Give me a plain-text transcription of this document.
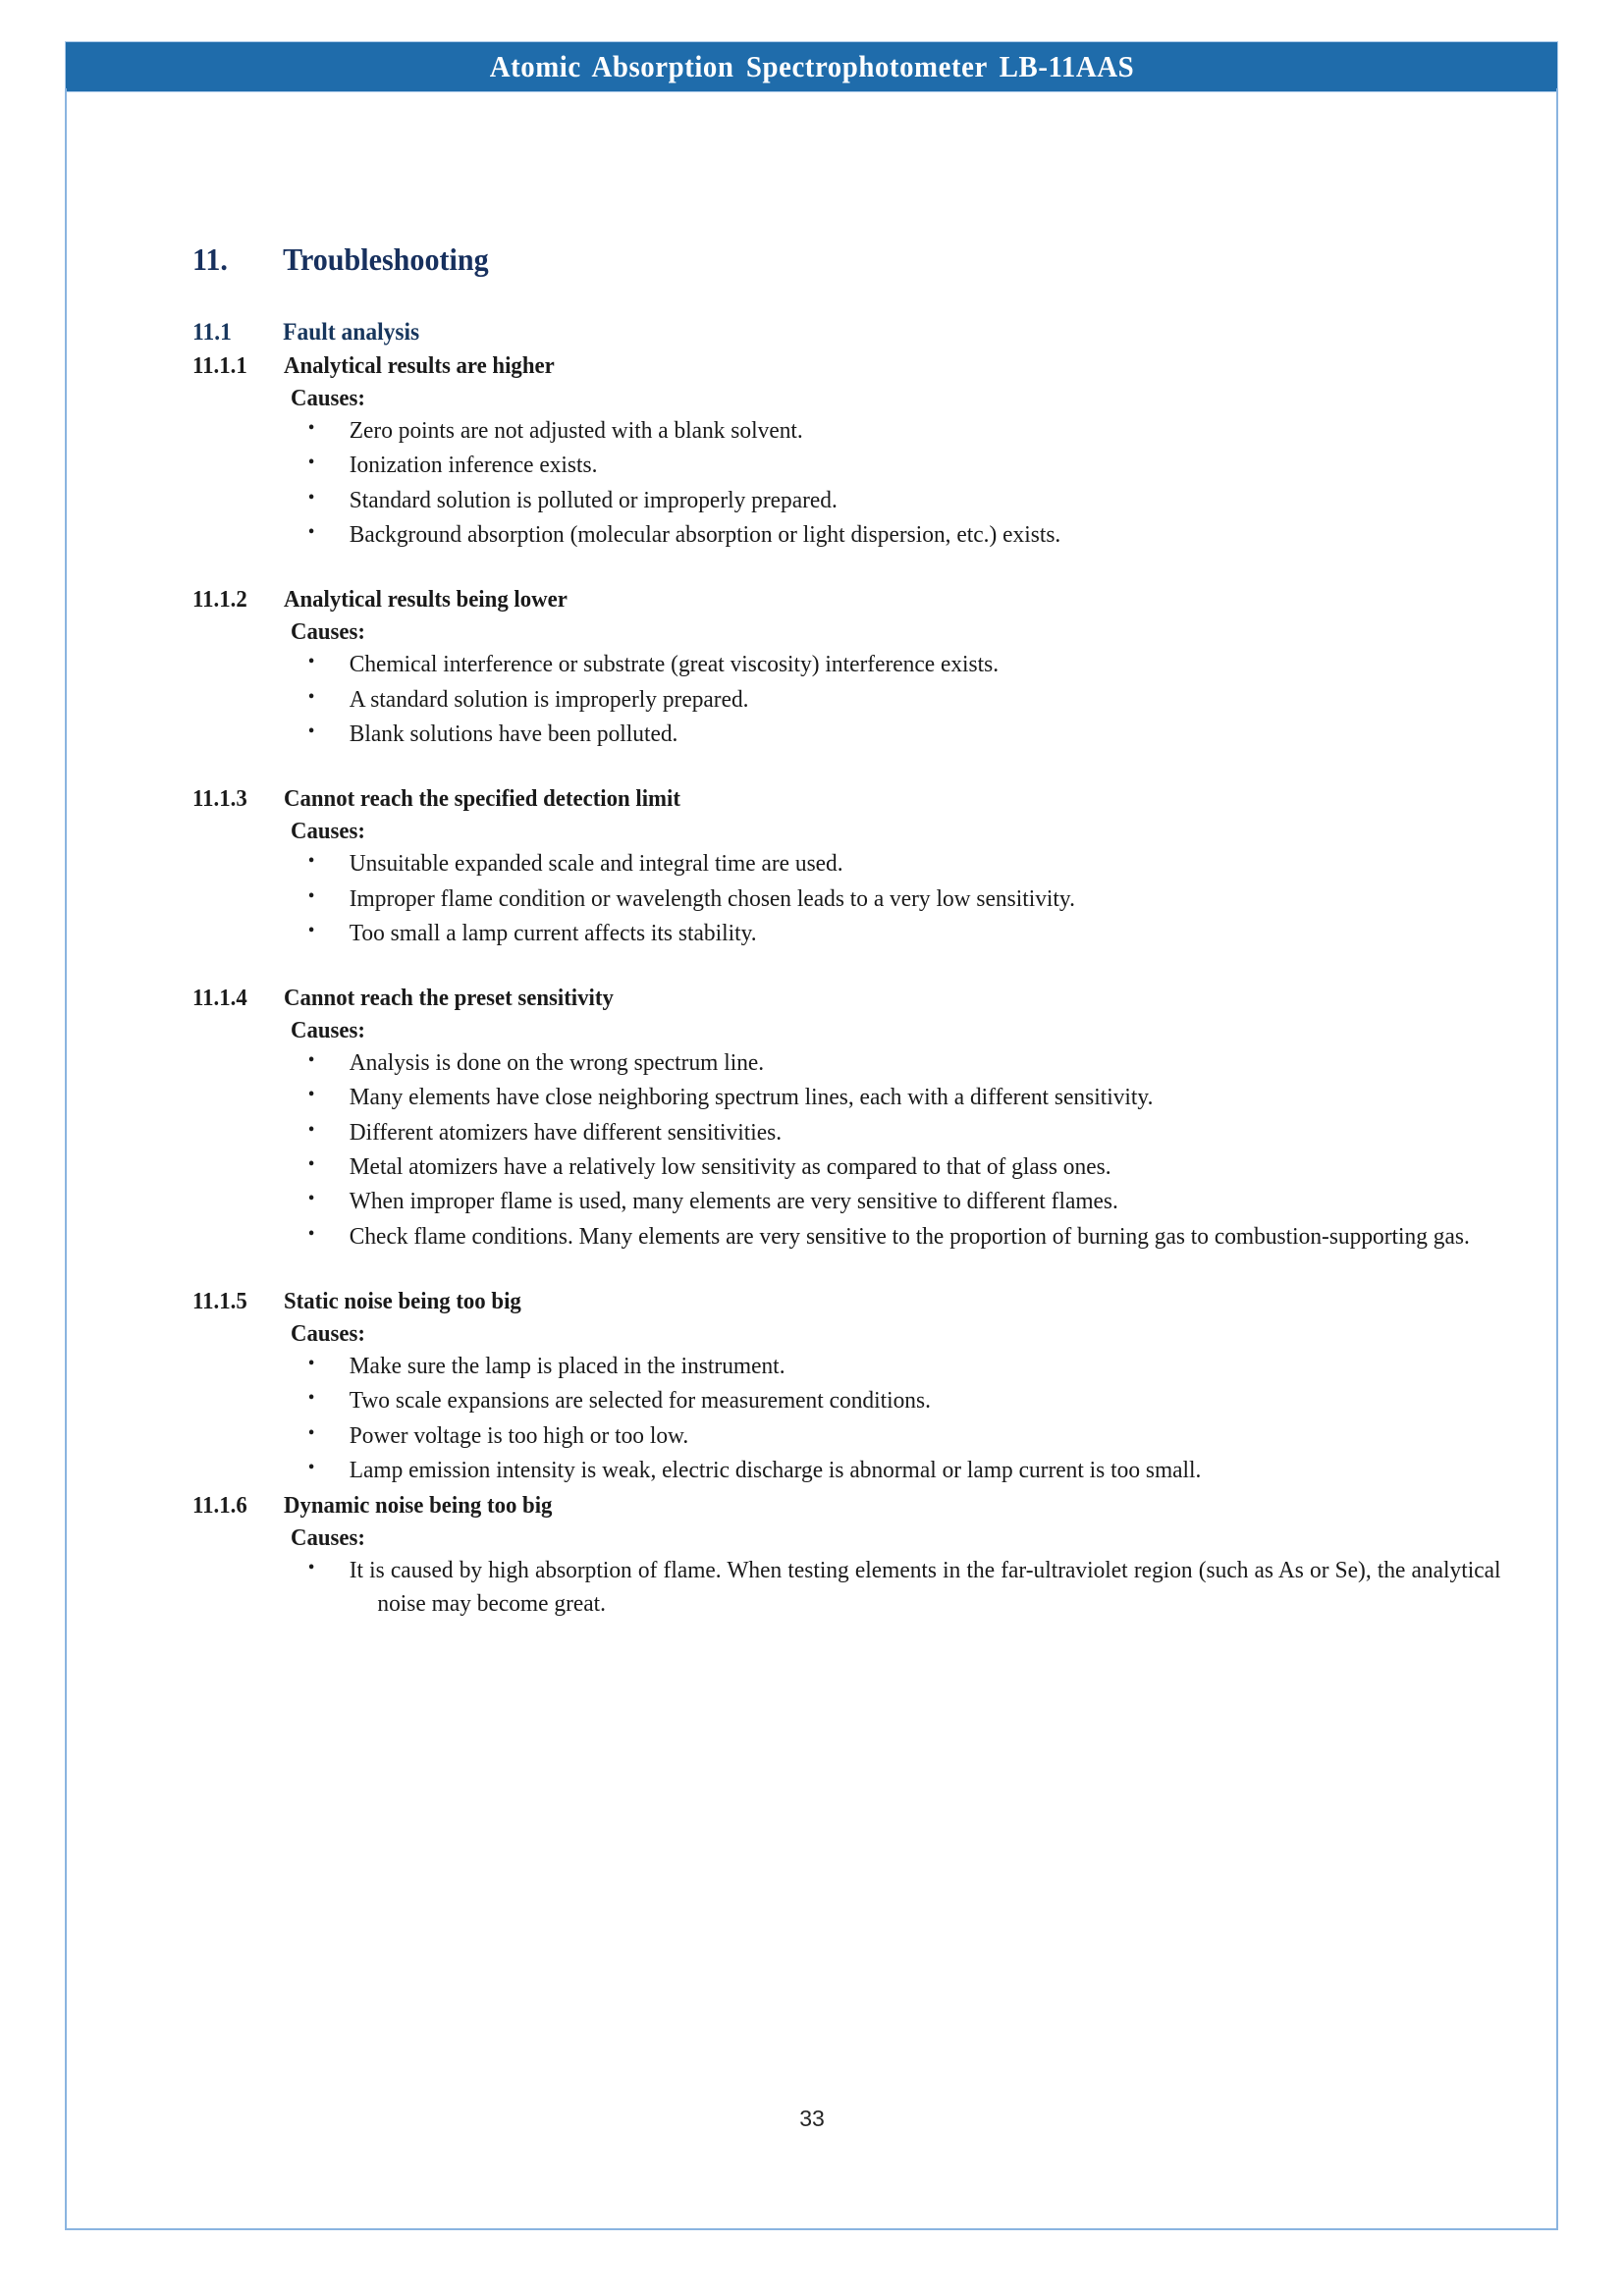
Atomic Absorption Spectrophotometer LB-11AAS
11.	Troubleshooting
11.1	Fault analysis
11.1.1	Analytical results are higher
Causes:
• Zero points are not adjusted with a blank solvent.
• Ionization inference exists.
• Standard solution is polluted or improperly prepared.
• Background absorption (molecular absorption or light dispersion, etc.) exists.
11.1.2	Analytical results being lower
Causes:
• Chemical interference or substrate (great viscosity) interference exists.
• A standard solution is improperly prepared.
• Blank solutions have been polluted.
11.1.3	Cannot reach the specified detection limit
Causes:
• Unsuitable expanded scale and integral time are used.
• Improper flame condition or wavelength chosen leads to a very low sensitivity.
• Too small a lamp current affects its stability.
11.1.4	Cannot reach the preset sensitivity
Causes:
• Analysis is done on the wrong spectrum line.
• Many elements have close neighboring spectrum lines, each with a different sensitivity.
• Different atomizers have different sensitivities.
• Metal atomizers have a relatively low sensitivity as compared to that of glass ones.
• When improper flame is used, many elements are very sensitive to different flames.
• Check flame conditions. Many elements are very sensitive to the proportion of burning gas to combustion-supporting gas.
11.1.5	Static noise being too big
Causes:
• Make sure the lamp is placed in the instrument.
• Two scale expansions are selected for measurement conditions.
• Power voltage is too high or too low.
• Lamp emission intensity is weak, electric discharge is abnormal or lamp current is too small.
11.1.6	Dynamic noise being too big
Causes:
• It is caused by high absorption of flame. When testing elements in the far-ultraviolet region (such as As or Se), the analytical noise may become great.
33
